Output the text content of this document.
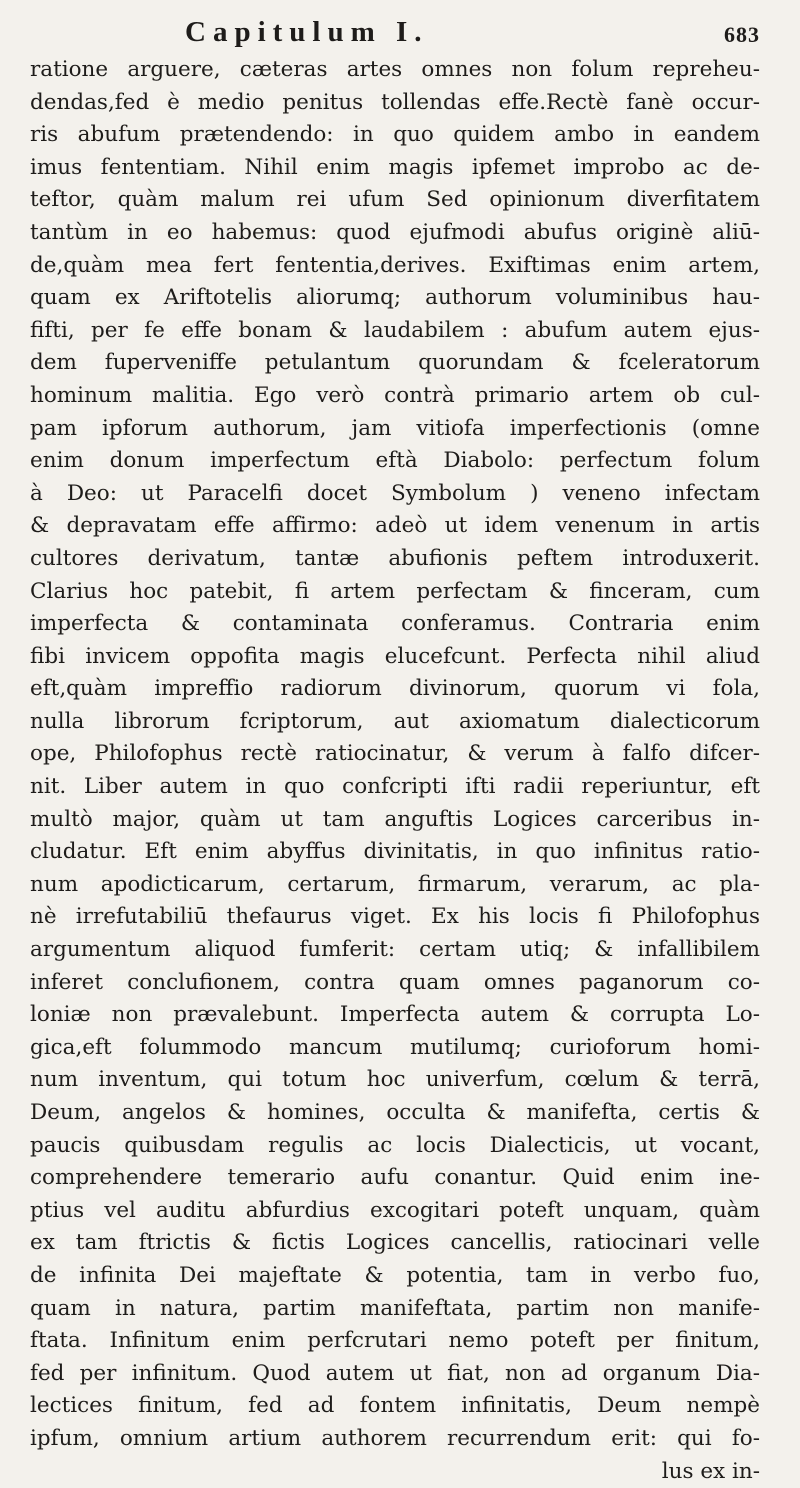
Capitulum I.	683
ratione arguere, cæteras artes omnes non folum repreheu-
dendas,fed è medio penitus tollendas effe.Rectè fanè occur-
ris abufum prætendendo: in quo quidem ambo in eandem
imus fententiam. Nihil enim magis ipfemet improbo ac de-
teftor, quàm malum rei ufum Sed opinionum diverfitatem
tantùm in eo habemus: quod ejufmodi abufus originè aliū-
de,quàm mea fert fententia,derives. Exiftimas enim artem,
quam ex Ariftotelis aliorumq; authorum voluminibus hau-
fifti, per fe effe bonam & laudabilem : abufum autem ejus-
dem fuperveniffe petulantum quorundam & fceleratorum
hominum malitia. Ego verò contrà primario artem ob cul-
pam ipforum authorum, jam vitiofa imperfectionis (omne
enim donum imperfectum eftà Diabolo: perfectum folum
à Deo: ut Paracelfi docet Symbolum ) veneno infectam
& depravatam effe affirmo: adeò ut idem venenum in artis
cultores derivatum, tantæ abufionis peftem introduxerit.
Clarius hoc patebit, fi artem perfectam & finceram, cum
imperfecta & contaminata conferamus. Contraria enim
fibi invicem oppofita magis elucefcunt. Perfecta nihil aliud
eft,quàm impreffio radiorum divinorum, quorum vi fola,
nulla librorum fcriptorum, aut axiomatum dialecticorum
ope, Philofophus rectè ratiocinatur, & verum à falfo difcer-
nit. Liber autem in quo confcripti ifti radii reperiuntur, eft
multò major, quàm ut tam anguftis Logices carceribus in-
cludatur. Eft enim abyffus divinitatis, in quo infinitus ratio-
num apodicticarum, certarum, firmarum, verarum, ac pla-
nè irrefutabiliū thefaurus viget. Ex his locis fi Philofophus
argumentum aliquod fumferit: certam utiq; & infallibilem
inferet conclufionem, contra quam omnes paganorum co-
loniæ non prævalebunt. Imperfecta autem & corrupta Lo-
gica,eft folummodo mancum mutilumq; curioforum homi-
num inventum, qui totum hoc univerfum, cœlum & terrā,
Deum, angelos & homines, occulta & manifefta, certis &
paucis quibusdam regulis ac locis Dialecticis, ut vocant,
comprehendere temerario aufu conantur. Quid enim ine-
ptius vel auditu abfurdius excogitari poteft unquam, quàm
ex tam ftrictis & fictis Logices cancellis, ratiocinari velle
de infinita Dei majeftate & potentia, tam in verbo fuo,
quam in natura, partim manifeftata, partim non manife-
ftata. Infinitum enim perfcrutari nemo poteft per finitum,
fed per infinitum. Quod autem ut fiat, non ad organum Dia-
lectices finitum, fed ad fontem infinitatis, Deum nempè
ipfum, omnium artium authorem recurrendum erit: qui fo-
lus ex in-
